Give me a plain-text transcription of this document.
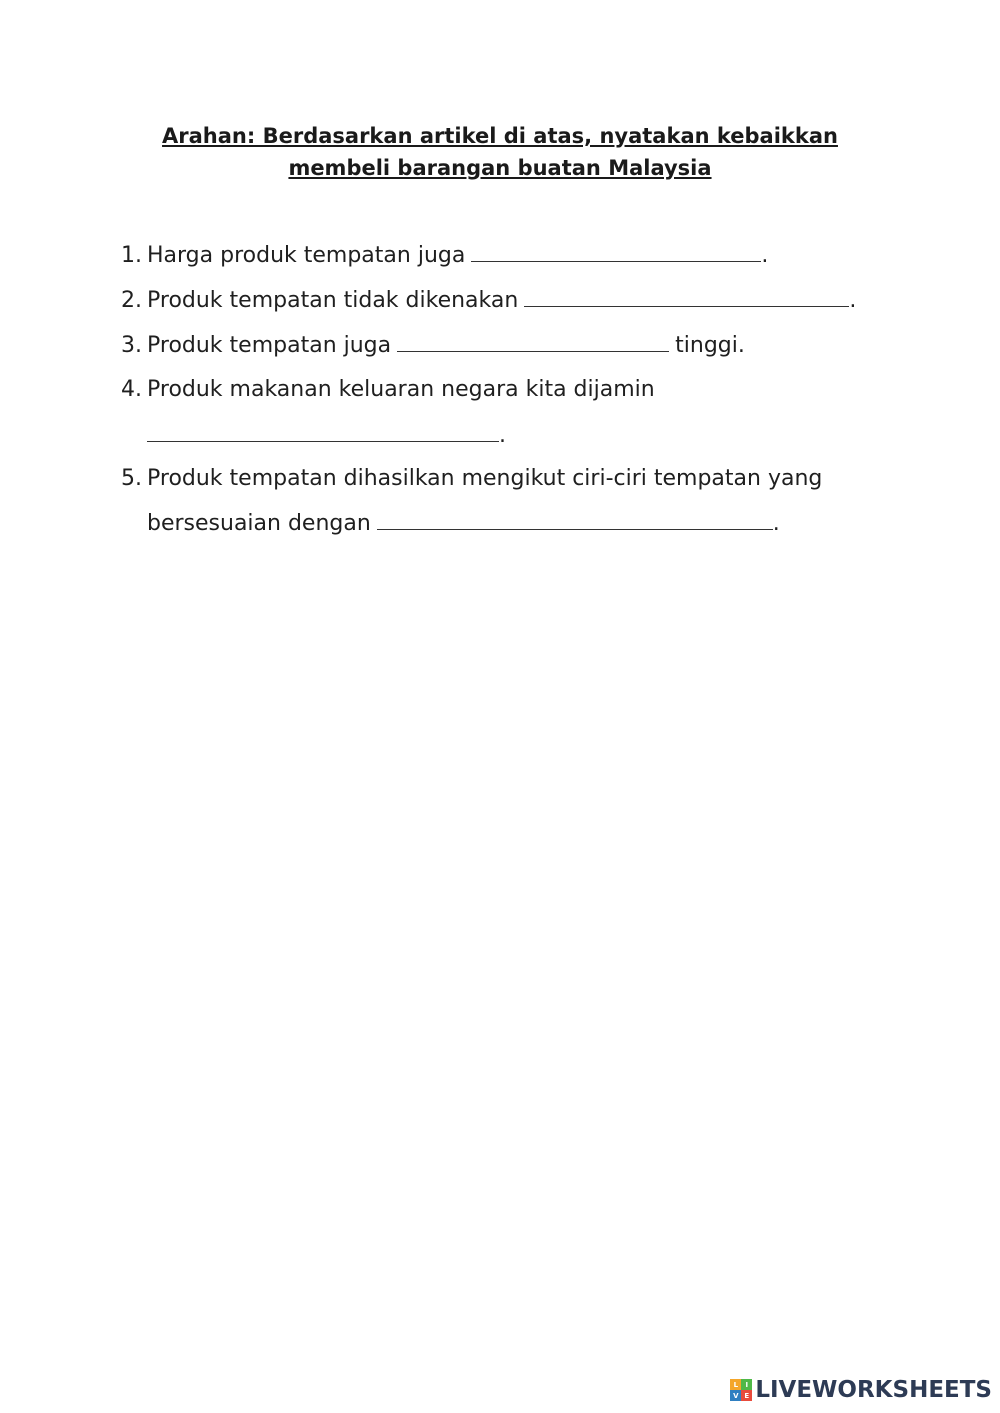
Arahan: Berdasarkan artikel di atas, nyatakan kebaikkan
membeli barangan buatan Malaysia
1. Harga produk tempatan juga	.
2. Produk tempatan tidak dikenakan	.
3. Produk tempatan juga	tinggi.
4. Produk makanan keluaran negara kita dijamin
.
5. Produk tempatan dihasilkan mengikut ciri-ciri tempatan yang
bersesuaian dengan	.
L	I
V E LIVEWORKSHEETS
